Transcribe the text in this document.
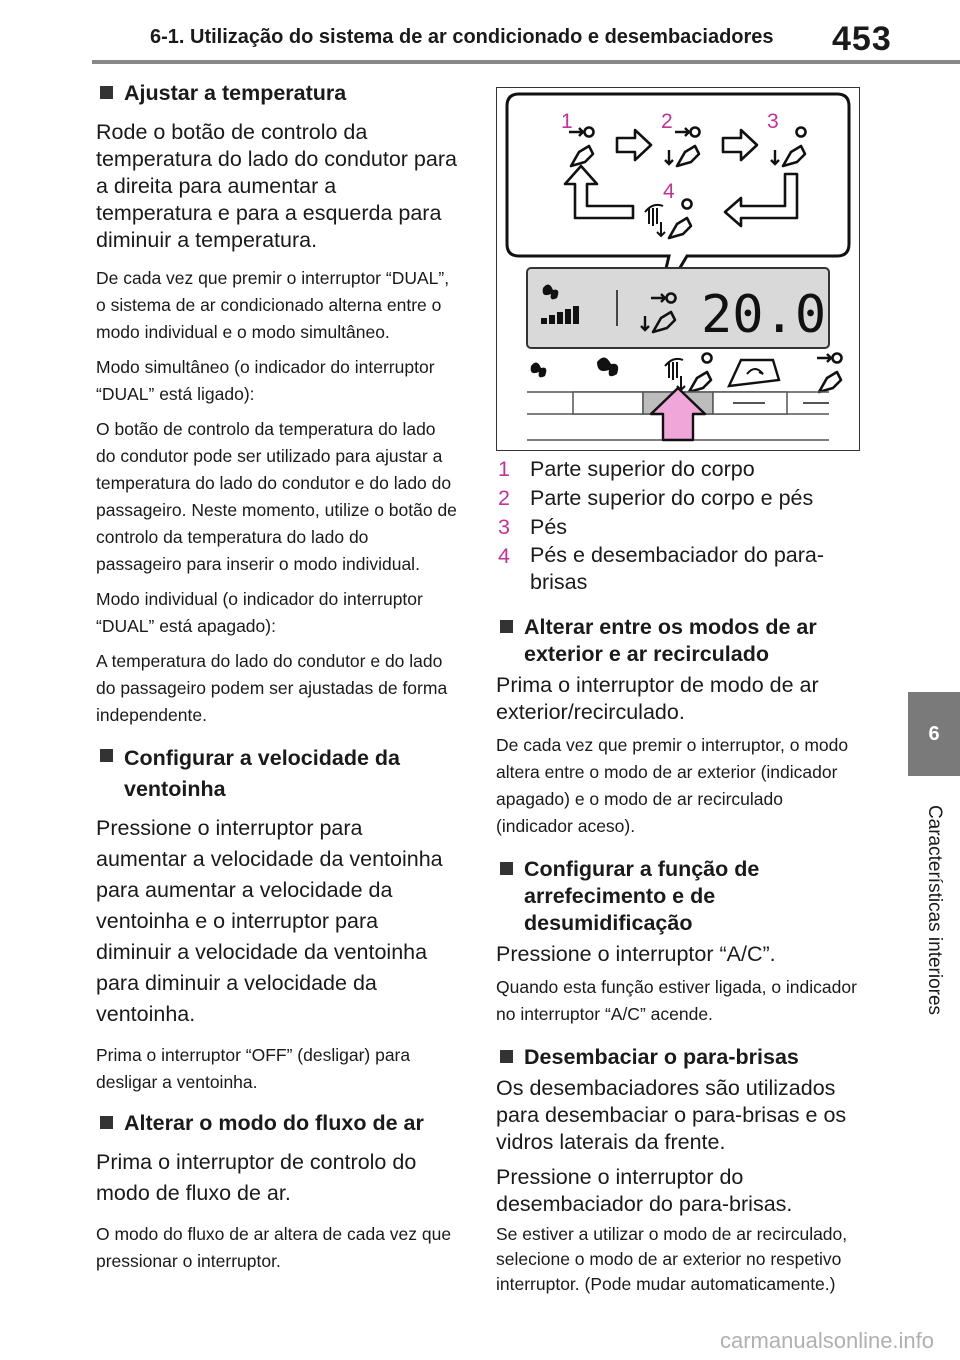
6-1. Utilização do sistema de ar condicionado e desembaciadores 453
6
Características interiores
Ajustar a temperatura

Rode o botão de controlo da temperatura do lado do condutor para a direita para aumentar a temperatura e para a esquerda para diminuir a temperatura.

De cada vez que premir o interruptor “DUAL”, o sistema de ar condicionado alterna entre o modo individual e o modo simultâneo.

Modo simultâneo (o indicador do interruptor “DUAL” está ligado):

O botão de controlo da temperatura do lado do condutor pode ser utilizado para ajustar a temperatura do lado do condutor e do lado do passageiro. Neste momento, utilize o botão de controlo da temperatura do lado do passageiro para inserir o modo individual.

Modo individual (o indicador do interruptor “DUAL” está apagado):

A temperatura do lado do condutor e do lado do passageiro podem ser ajustadas de forma independente.

Configurar a velocidade da ventoinha

Pressione o interruptor para aumentar a velocidade da ventoinha para aumentar a velocidade da ventoinha e o interruptor para diminuir a velocidade da ventoinha para diminuir a velocidade da ventoinha.

Prima o interruptor “OFF” (desligar) para desligar a ventoinha.

Alterar o modo do fluxo de ar

Prima o interruptor de controlo do modo de fluxo de ar.

O modo do fluxo de ar altera de cada vez que pressionar o interruptor.

1	2	3
4
20.0
1 Parte superior do corpo
2 Parte superior do corpo e pés
3 Pés
4 Pés e desembaciador do para-brisas
Alterar entre os modos de ar exterior e ar recirculado

Prima o interruptor de modo de ar exterior/recirculado.

De cada vez que premir o interruptor, o modo altera entre o modo de ar exterior (indicador apagado) e o modo de ar recirculado (indicador aceso).

Configurar a função de arrefecimento e de desumidificação

Pressione o interruptor “A/C”.

Quando esta função estiver ligada, o indicador no interruptor “A/C” acende.

Desembaciar o para-brisas

Os desembaciadores são utilizados para desembaciar o para-brisas e os vidros laterais da frente.

Pressione o interruptor do desembaciador do para-brisas.

Se estiver a utilizar o modo de ar recirculado, selecione o modo de ar exterior no respetivo interruptor. (Pode mudar automaticamente.)

carmanualsonline.info
